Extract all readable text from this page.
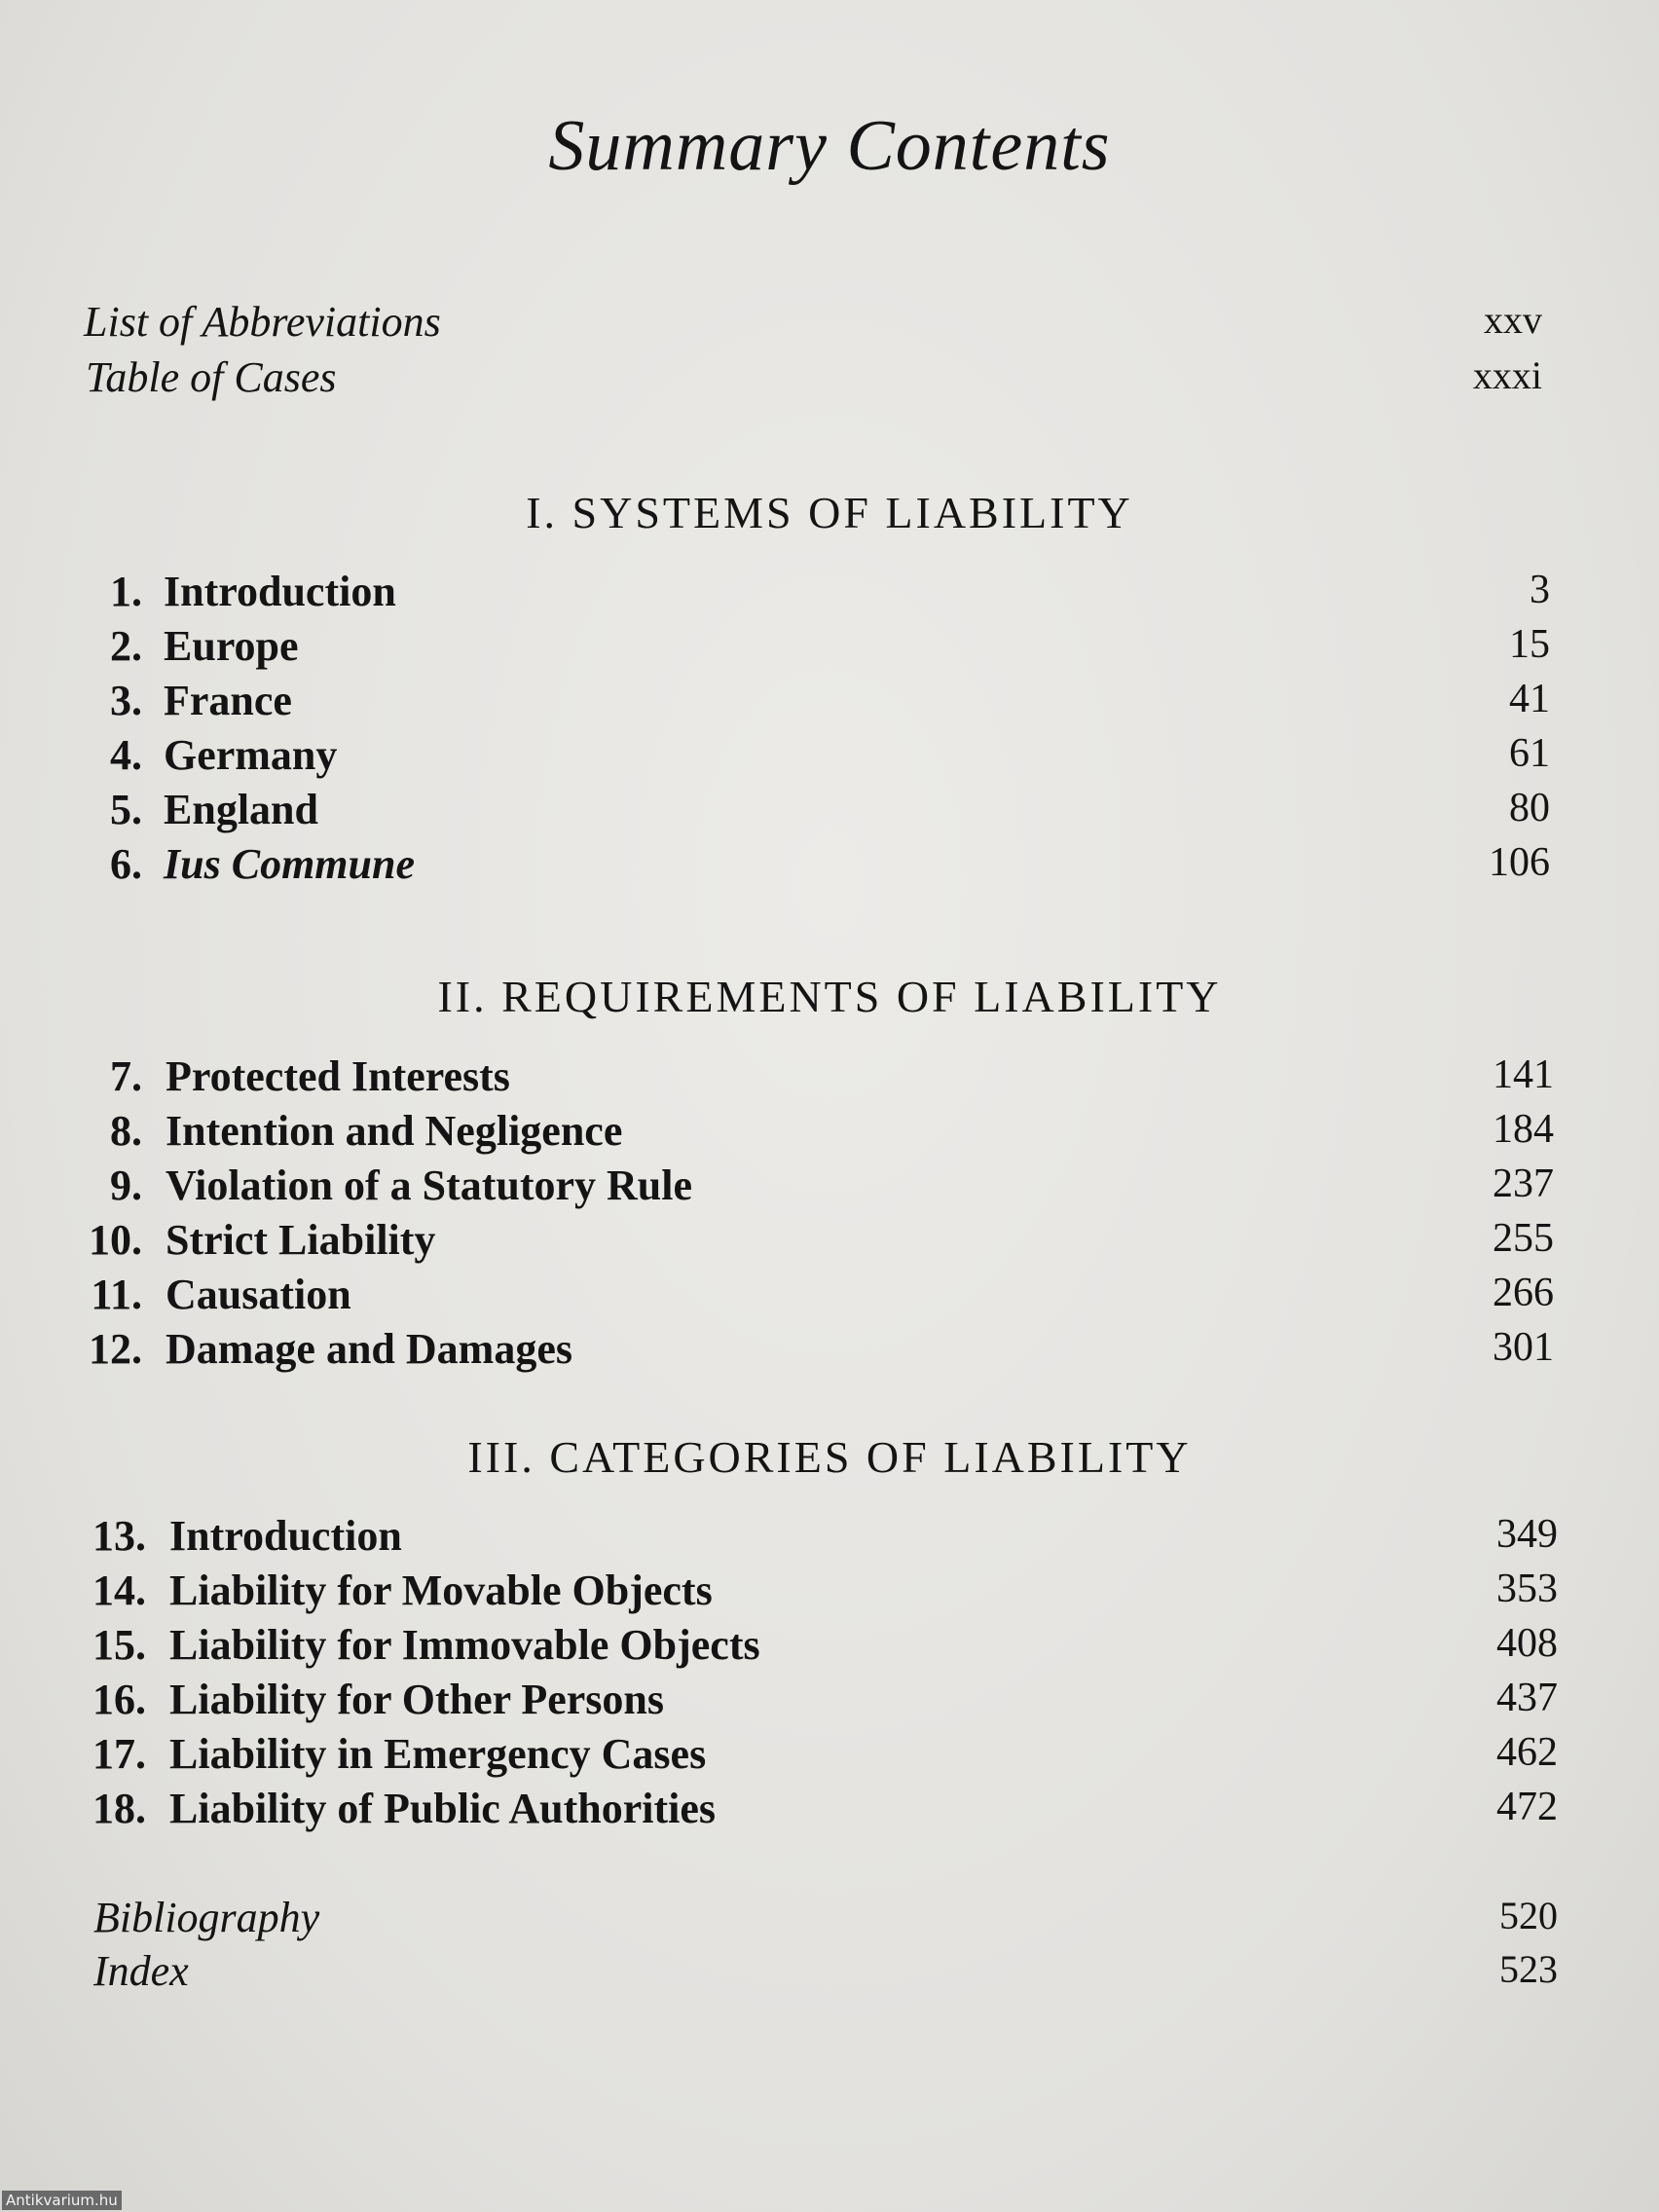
Summary Contents
List of Abbreviations	xxv
Table of Cases	xxxi
I. SYSTEMS OF LIABILITY
1. Introduction	3
2. Europe	15
3. France	41
4. Germany	61
5. England	80
6. Ius Commune	106
II. REQUIREMENTS OF LIABILITY
7. Protected Interests	141
8. Intention and Negligence	184
9. Violation of a Statutory Rule	237
10. Strict Liability	255
11. Causation	266
12. Damage and Damages	301
III. CATEGORIES OF LIABILITY
13. Introduction	349
14. Liability for Movable Objects	353
15. Liability for Immovable Objects	408
16. Liability for Other Persons	437
17. Liability in Emergency Cases	462
18. Liability of Public Authorities	472
Bibliography	520
Index	523
Antikvarium.hu
